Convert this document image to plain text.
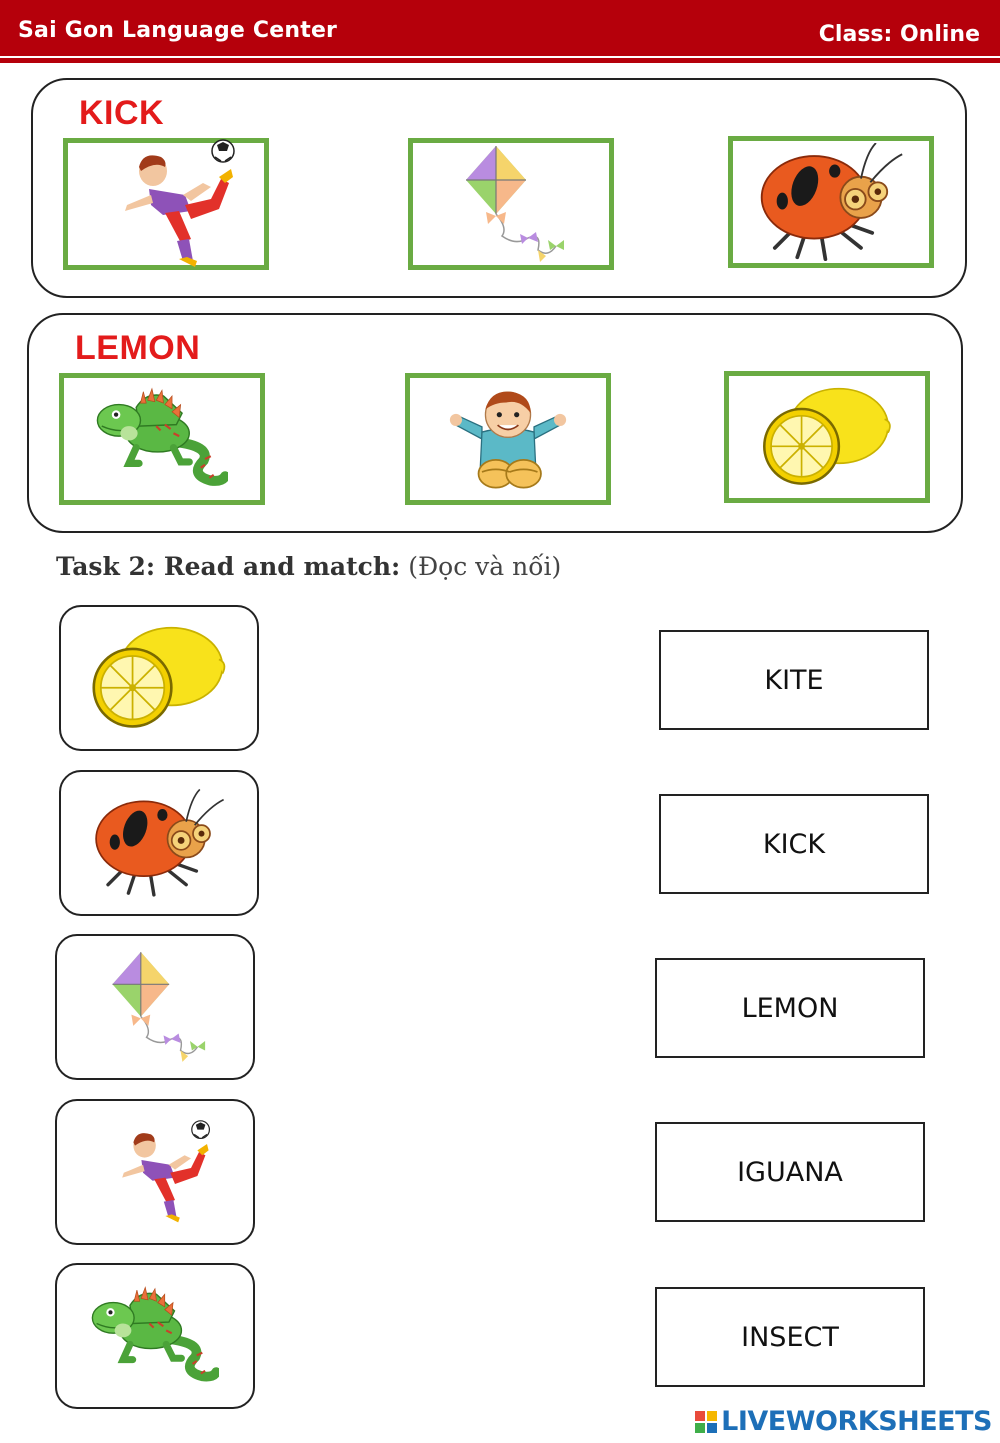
Sai Gon Language Center	Class: Online
KICK
LEMON
Task 2: Read and match: (Đọc và nối)
KITE
KICK
LEMON
IGUANA
INSECT
LIVEWORKSHEETS
